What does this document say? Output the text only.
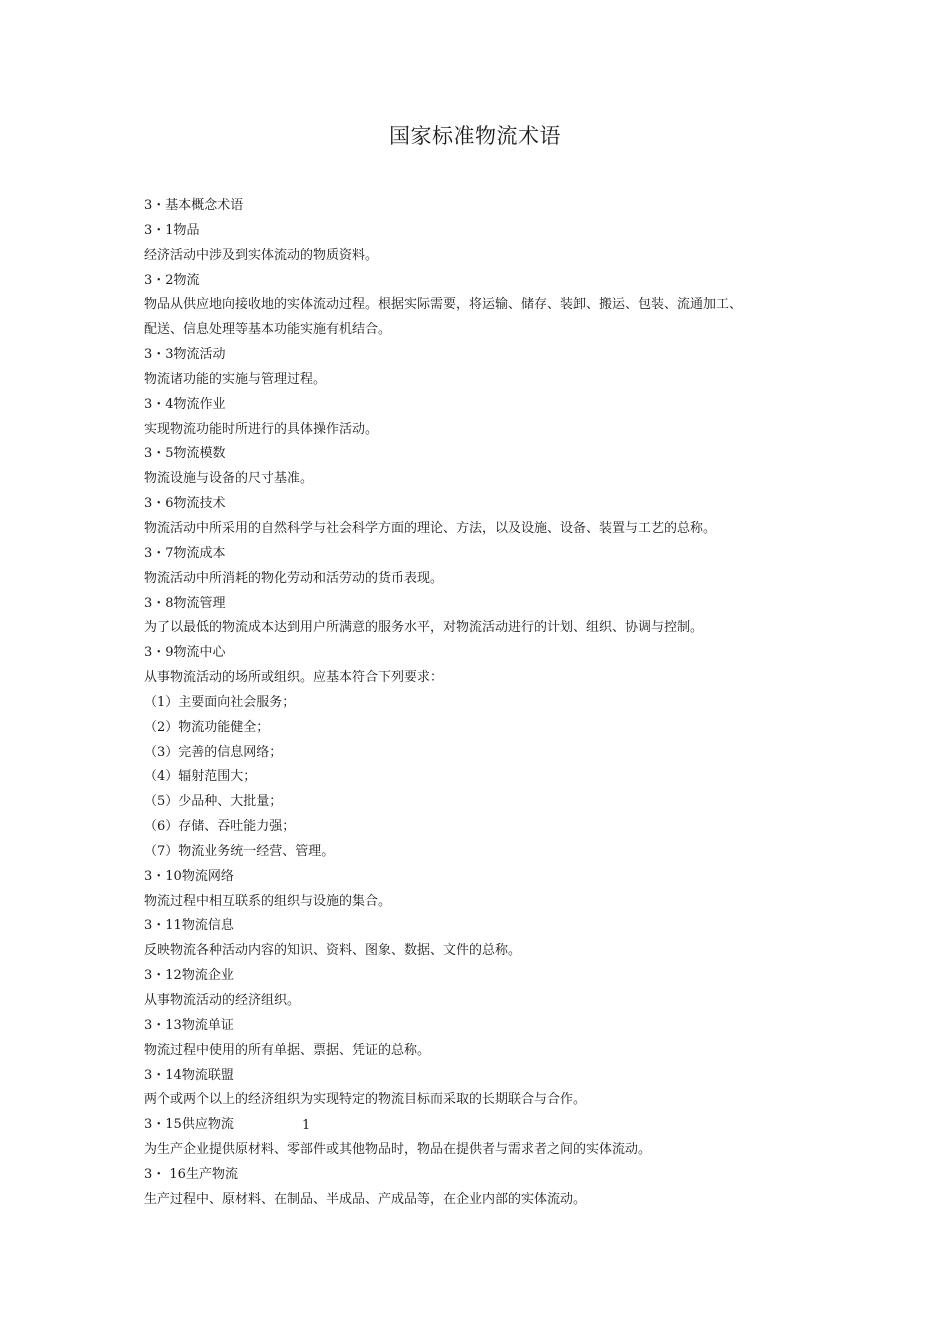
国家标准物流术语
3・基本概念术语
3・1物品
经济活动中涉及到实体流动的物质资料。
3・2物流
物品从供应地向接收地的实体流动过程。根据实际需要，将运输、储存、装卸、搬运、包装、流通加工、
配送、信息处理等基本功能实施有机结合。
3・3物流活动
物流诸功能的实施与管理过程。
3・4物流作业
实现物流功能时所进行的具体操作活动。
3・5物流模数
物流设施与设备的尺寸基准。
3・6物流技术
物流活动中所采用的自然科学与社会科学方面的理论、方法，以及设施、设备、装置与工艺的总称。
3・7物流成本
物流活动中所消耗的物化劳动和活劳动的货币表现。
3・8物流管理
为了以最低的物流成本达到用户所满意的服务水平，对物流活动进行的计划、组织、协调与控制。
3・9物流中心
从事物流活动的场所或组织。应基本符合下列要求：
（1）主要面向社会服务；
（2）物流功能健全；
（3）完善的信息网络；
（4）辐射范围大；
（5）少品种、大批量；
（6）存储、吞吐能力强；
（7）物流业务统一经营、管理。
3・10物流网络
物流过程中相互联系的组织与设施的集合。
3・11物流信息
反映物流各种活动内容的知识、资料、图象、数据、文件的总称。
3・12物流企业
从事物流活动的经济组织。
3・13物流单证
物流过程中使用的所有单据、票据、凭证的总称。
3・14物流联盟
两个或两个以上的经济组织为实现特定的物流目标而采取的长期联合与合作。
3・15供应物流
为生产企业提供原材料、零部件或其他物品时，物品在提供者与需求者之间的实体流动。
3・ 16生产物流
生产过程中、原材料、在制品、半成品、产成品等，在企业内部的实体流动。
1
